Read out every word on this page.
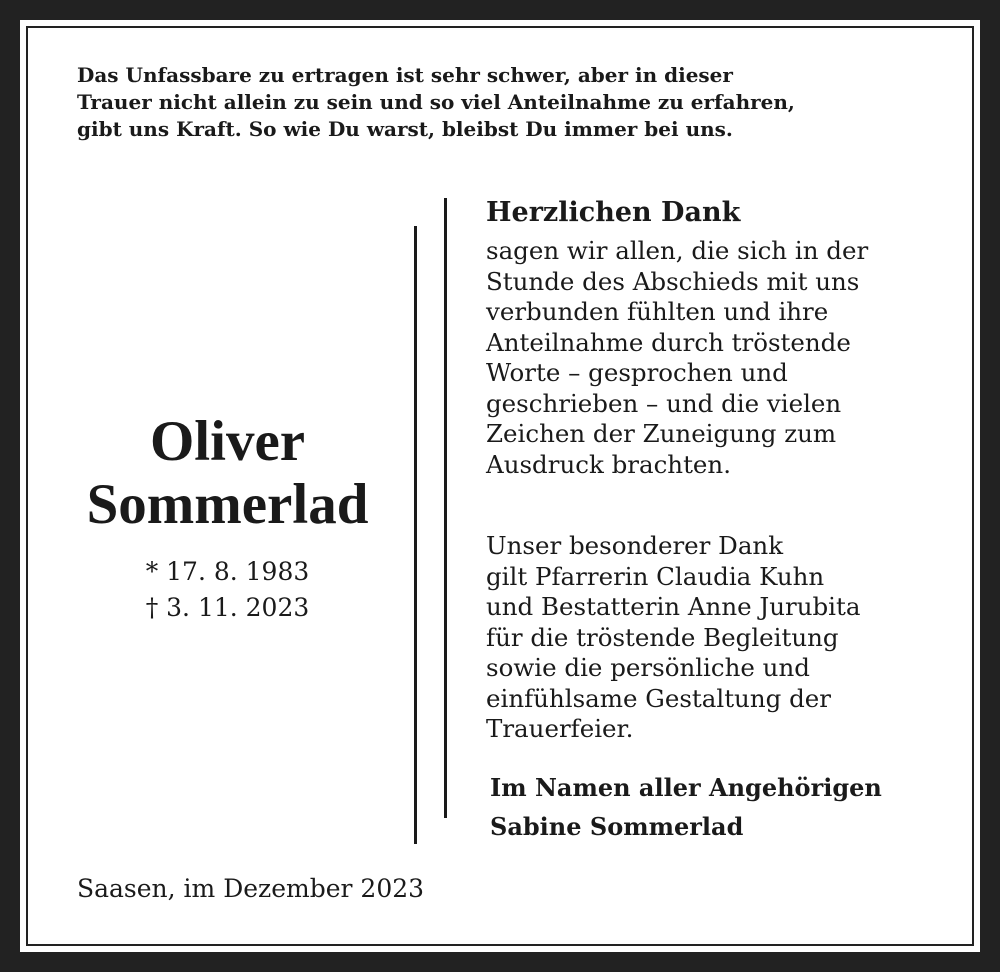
Das Unfassbare zu ertragen ist sehr schwer, aber in dieser
Trauer nicht allein zu sein und so viel Anteilnahme zu erfahren,
gibt uns Kraft. So wie Du warst, bleibst Du immer bei uns.

Oliver
Sommerlad
* 17. 8. 1983
† 3. 11. 2023
Herzlichen Dank

sagen wir allen, die sich in der
Stunde des Abschieds mit uns
verbunden fühlten und ihre
Anteilnahme durch tröstende
Worte – gesprochen und
geschrieben – und die vielen
Zeichen der Zuneigung zum
Ausdruck brachten.

Unser besonderer Dank
gilt Pfarrerin Claudia Kuhn
und Bestatterin Anne Jurubita
für die tröstende Begleitung
sowie die persönliche und
einfühlsame Gestaltung der
Trauerfeier.

Im Namen aller Angehörigen
Sabine Sommerlad
Saasen, im Dezember 2023
